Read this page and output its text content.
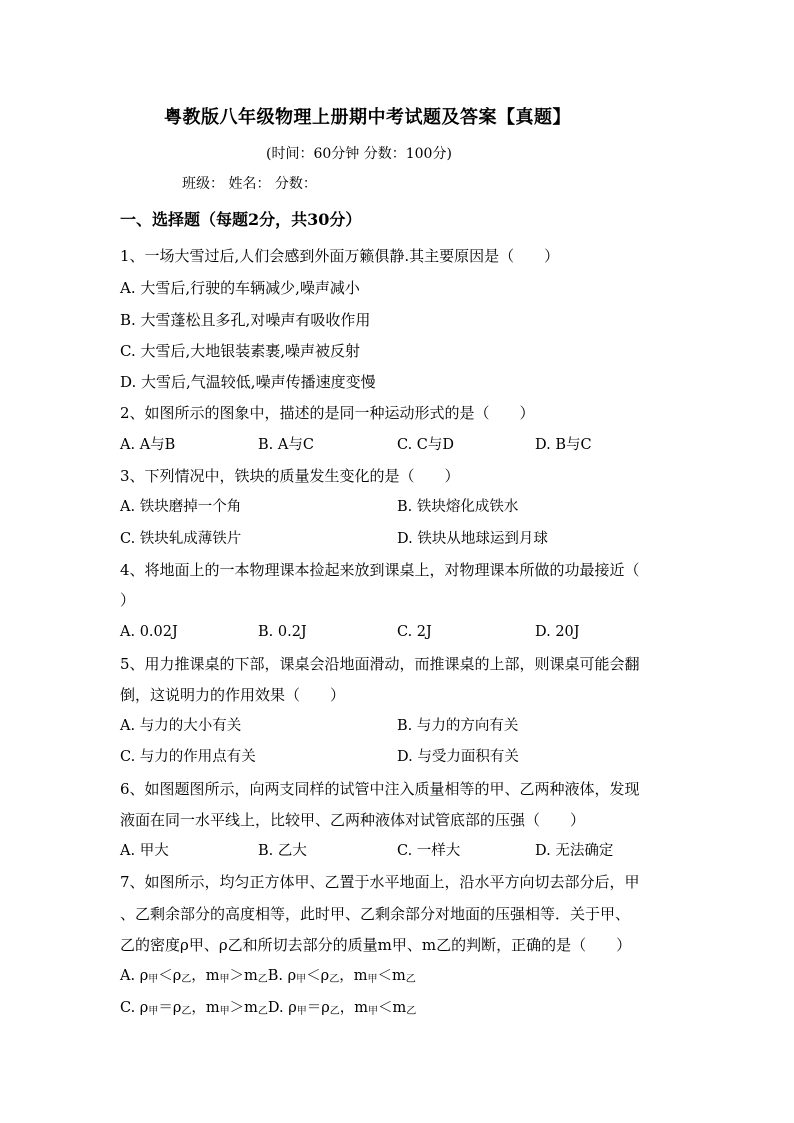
粤教版八年级物理上册期中考试题及答案【真题】
(时间：60分钟 分数：100分)
班级： 姓名： 分数：
一、选择题（每题2分，共30分）
1、一场大雪过后,人们会感到外面万籁俱静.其主要原因是（　　）
A. 大雪后,行驶的车辆减少,噪声减小
B. 大雪蓬松且多孔,对噪声有吸收作用
C. 大雪后,大地银装素裹,噪声被反射
D. 大雪后,气温较低,噪声传播速度变慢
2、如图所示的图象中，描述的是同一种运动形式的是（　　）
A. A与B	B. A与C	C. C与D	D. B与C
3、下列情况中，铁块的质量发生变化的是（　　）
A. 铁块磨掉一个角	B. 铁块熔化成铁水
C. 铁块轧成薄铁片	D. 铁块从地球运到月球
4、将地面上的一本物理课本捡起来放到课桌上，对物理课本所做的功最接近（
）
A. 0.02J	B. 0.2J	C. 2J	D. 20J
5、用力推课桌的下部，课桌会沿地面滑动，而推课桌的上部，则课桌可能会翻
倒，这说明力的作用效果（　　）
A. 与力的大小有关	B. 与力的方向有关
C. 与力的作用点有关	D. 与受力面积有关
6、如图题图所示，向两支同样的试管中注入质量相等的甲、乙两种液体，发现
液面在同一水平线上，比较甲、乙两种液体对试管底部的压强（　　）
A. 甲大	B. 乙大	C. 一样大	D. 无法确定
7、如图所示，均匀正方体甲、乙置于水平地面上，沿水平方向切去部分后，甲
、乙剩余部分的高度相等，此时甲、乙剩余部分对地面的压强相等．关于甲、
乙的密度ρ甲、ρ乙和所切去部分的质量m甲、m乙的判断，正确的是（　　）
A. $\rho_甲<\rho_乙$，$m_甲>m_乙B$. $\rho_甲<\rho_乙$，$m_甲<m_乙$
C. $\rho_甲=\rho_乙$，$m_甲>m_乙D$. $\rho_甲=\rho_乙$，$m_甲<m_乙$
